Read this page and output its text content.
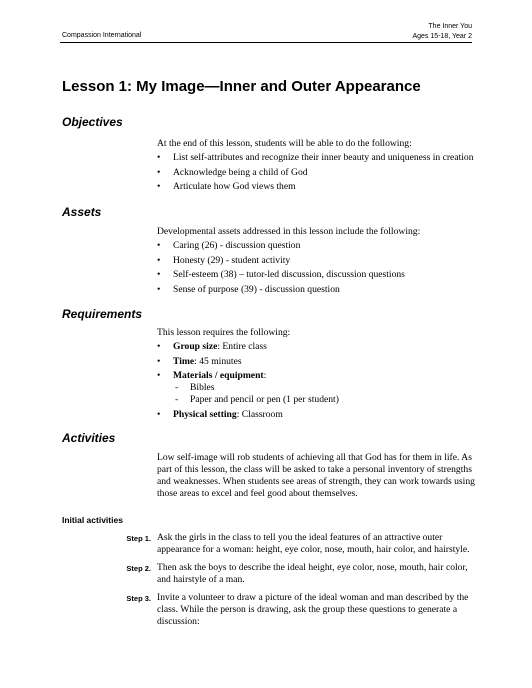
Compassion International
The Inner You
Ages 15-18, Year 2
Lesson 1: My Image—Inner and Outer Appearance
Objectives

At the end of this lesson, students will be able to do the following:

• List self-attributes and recognize their inner beauty and uniqueness in creation
• Acknowledge being a child of God
• Articulate how God views them
Assets

Developmental assets addressed in this lesson include the following:

• Caring (26) - discussion question
• Honesty (29) - student activity
• Self-esteem (38) – tutor-led discussion, discussion questions
• Sense of purpose (39) - discussion question
Requirements

This lesson requires the following:

• Group size: Entire class
• Time: 45 minutes
• Materials / equipment:
- Bibles
- Paper and pencil or pen (1 per student)
• Physical setting: Classroom
Activities
Low self-image will rob students of achieving all that God has for them in life. As part of this lesson, the class will be asked to take a personal inventory of strengths and weaknesses. When students see areas of strength, they can work towards using those areas to excel and feel good about themselves.
Initial activities
Step 1. Ask the girls in the class to tell you the ideal features of an attractive outer appearance for a woman: height, eye color, nose, mouth, hair color, and hairstyle.
Step 2. Then ask the boys to describe the ideal height, eye color, nose, mouth, hair color, and hairstyle of a man.
Step 3. Invite a volunteer to draw a picture of the ideal woman and man described by the class. While the person is drawing, ask the group these questions to generate a discussion:
